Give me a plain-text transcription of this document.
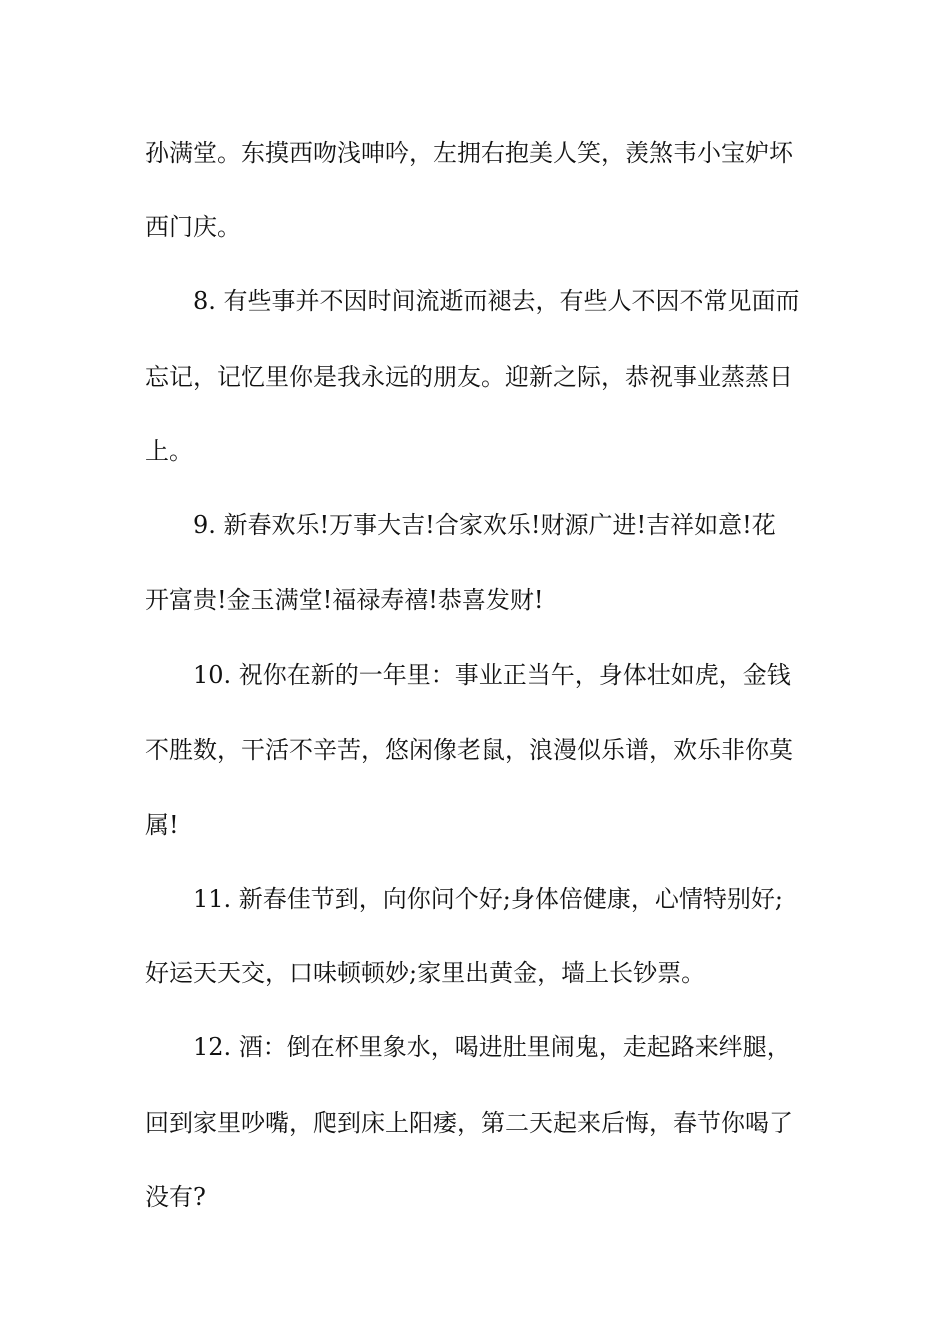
孙满堂。东摸西吻浅呻吟，左拥右抱美人笑，羡煞韦小宝妒坏
西门庆。
8. 有些事并不因时间流逝而褪去，有些人不因不常见面而
忘记，记忆里你是我永远的朋友。迎新之际，恭祝事业蒸蒸日
上。
9. 新春欢乐!万事大吉!合家欢乐!财源广进!吉祥如意!花
开富贵!金玉满堂!福禄寿禧!恭喜发财!
10. 祝你在新的一年里：事业正当午，身体壮如虎，金钱
不胜数，干活不辛苦，悠闲像老鼠，浪漫似乐谱，欢乐非你莫
属!
11. 新春佳节到，向你问个好;身体倍健康，心情特别好;
好运天天交，口味顿顿妙;家里出黄金，墙上长钞票。
12. 酒：倒在杯里象水，喝进肚里闹鬼，走起路来绊腿，
回到家里吵嘴，爬到床上阳痿，第二天起来后悔，春节你喝了
没有?
